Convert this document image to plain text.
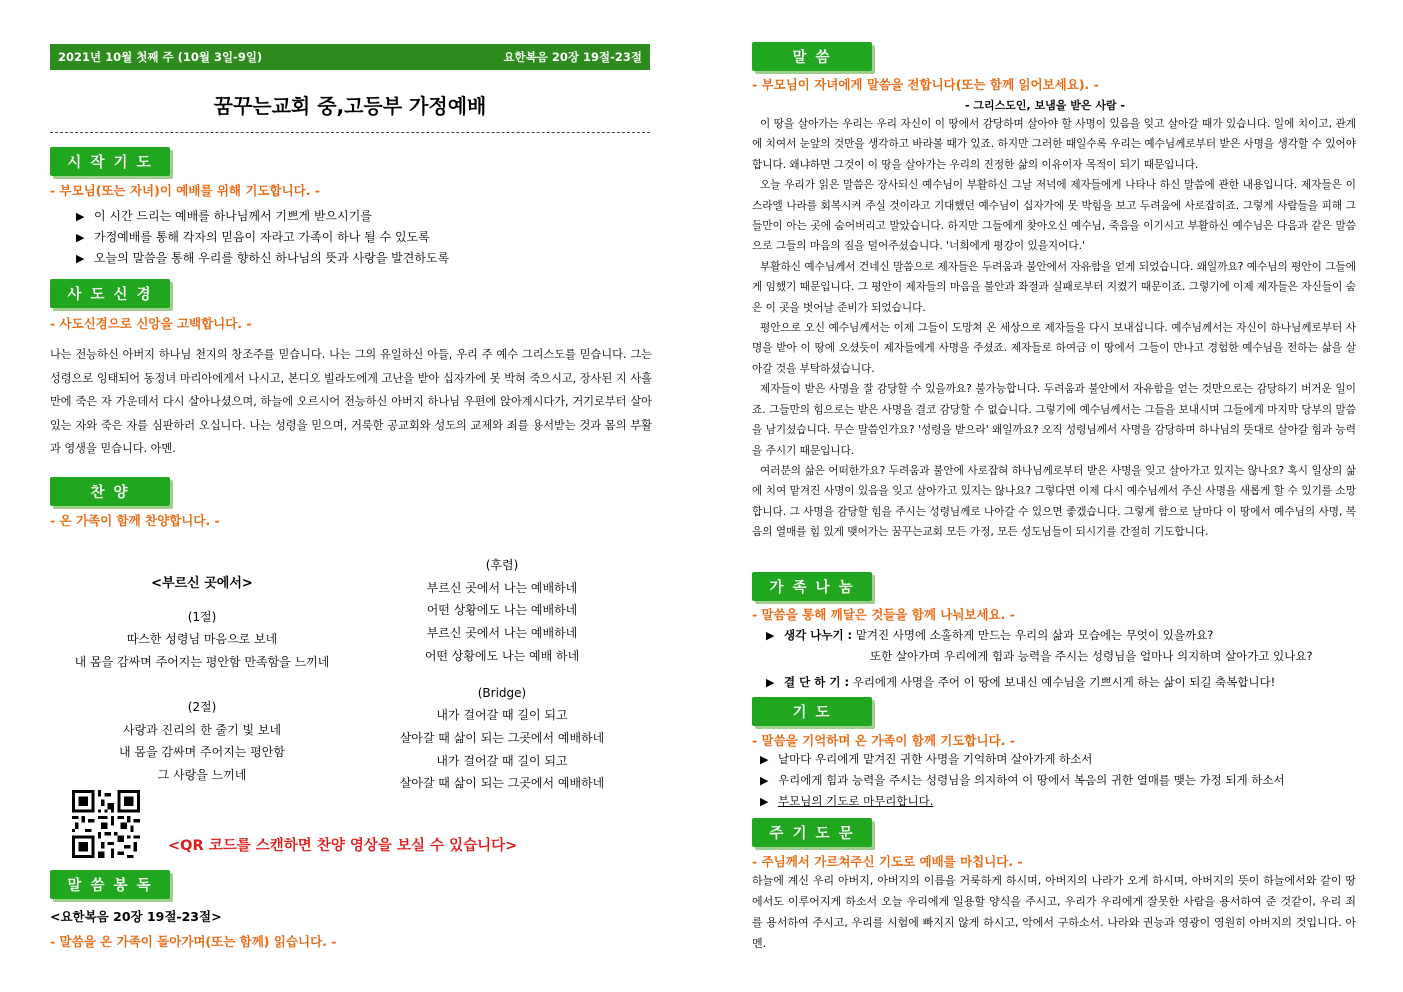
2021년 10월 첫째 주 (10월 3일-9일)	요한복음 20장 19절-23절
꿈꾸는교회 중,고등부 가정예배
시 작 기 도
- 부모님(또는 자녀)이 예배를 위해 기도합니다. -
▶ 이 시간 드리는 예배를 하나님께서 기쁘게 받으시기를
▶ 가정예배를 통해 각자의 믿음이 자라고 가족이 하나 될 수 있도록
▶ 오늘의 말씀을 통해 우리를 향하신 하나님의 뜻과 사랑을 발견하도록
사 도 신 경
- 사도신경으로 신앙을 고백합니다. -
나는 전능하신 아버지 하나님 천지의 창조주를 믿습니다. 나는 그의 유일하신 아들, 우리 주 예수 그리스도를 믿습니다. 그는 성령으로 잉태되어 동정녀 마리아에게서 나시고, 본디오 빌라도에게 고난을 받아 십자가에 못 박혀 죽으시고, 장사된 지 사흘 만에 죽은 자 가운데서 다시 살아나셨으며, 하늘에 오르시어 전능하신 아버지 하나님 우편에 앉아계시다가, 거기로부터 살아 있는 자와 죽은 자를 심판하러 오십니다. 나는 성령을 믿으며, 거룩한 공교회와 성도의 교제와 죄를 용서받는 것과 몸의 부활과 영생을 믿습니다. 아멘.
찬 양
- 온 가족이 함께 찬양합니다. -
<부르신 곳에서>
(1절)
따스한 성령님 마음으로 보네
내 몸을 감싸며 주어지는 평안함 만족함을 느끼네
(2절)
사랑과 진리의 한 줄기 빛 보네
내 몸을 감싸며 주어지는 평안함
그 사랑을 느끼네
(후렴)
부르신 곳에서 나는 예배하네
어떤 상황에도 나는 예배하네
부르신 곳에서 나는 예배하네
어떤 상황에도 나는 예배 하네
(Bridge)
내가 걸어갈 때 길이 되고
살아갈 때 삶이 되는 그곳에서 예배하네
내가 걸어갈 때 길이 되고
살아갈 때 삶이 되는 그곳에서 예배하네
<QR 코드를 스캔하면 찬양 영상을 보실 수 있습니다>
말 씀 봉 독
<요한복음 20장 19절-23절>
- 말씀을 온 가족이 돌아가며(또는 함께) 읽습니다. -
말 씀
- 부모님이 자녀에게 말씀을 전합니다(또는 함께 읽어보세요). -
- 그리스도인, 보냄을 받은 사람 -
이 땅을 살아가는 우리는 우리 자신이 이 땅에서 감당하며 살아야 할 사명이 있음을 잊고 살아갈 때가 있습니다. 일에 치이고, 관계에 치여서 눈앞의 것만을 생각하고 바라볼 때가 있죠. 하지만 그러한 때일수록 우리는 예수님께로부터 받은 사명을 생각할 수 있어야 합니다. 왜냐하면 그것이 이 땅을 살아가는 우리의 진정한 삶의 이유이자 목적이 되기 때문입니다.
오늘 우리가 읽은 말씀은 장사되신 예수님이 부활하신 그날 저녁에 제자들에게 나타나 하신 말씀에 관한 내용입니다. 제자들은 이스라엘 나라를 회복시켜 주실 것이라고 기대했던 예수님이 십자가에 못 박힘을 보고 두려움에 사로잡히죠. 그렇게 사람들을 피해 그들만이 아는 곳에 숨어버리고 말았습니다. 하지만 그들에게 찾아오신 예수님, 죽음을 이기시고 부활하신 예수님은 다음과 같은 말씀으로 그들의 마음의 짐을 덜어주셨습니다. '너희에게 평강이 있을지어다.'
부활하신 예수님께서 건네신 말씀으로 제자들은 두려움과 불안에서 자유함을 얻게 되었습니다. 왜일까요? 예수님의 평안이 그들에게 임했기 때문입니다. 그 평안이 제자들의 마음을 불안과 좌절과 실패로부터 지켰기 때문이죠. 그렇기에 이제 제자들은 자신들이 숨은 이 곳을 벗어날 준비가 되었습니다.
평안으로 오신 예수님께서는 이제 그들이 도망쳐 온 세상으로 제자들을 다시 보내십니다. 예수님께서는 자신이 하나님께로부터 사명을 받아 이 땅에 오셨듯이 제자들에게 사명을 주셨죠. 제자들로 하여금 이 땅에서 그들이 만나고 경험한 예수님을 전하는 삶을 살아갈 것을 부탁하셨습니다.
제자들이 받은 사명을 잘 감당할 수 있을까요? 불가능합니다. 두려움과 불안에서 자유함을 얻는 것만으로는 감당하기 버거운 일이죠. 그들만의 힘으로는 받은 사명을 결코 감당할 수 없습니다. 그렇기에 예수님께서는 그들을 보내시며 그들에게 마지막 당부의 말씀을 남기셨습니다. 무슨 말씀인가요? '성령을 받으라' 왜일까요? 오직 성령님께서 사명을 감당하며 하나님의 뜻대로 살아갈 힘과 능력을 주시기 때문입니다.
여러분의 삶은 어떠한가요? 두려움과 불안에 사로잡혀 하나님께로부터 받은 사명을 잊고 살아가고 있지는 않나요? 혹시 일상의 삶에 치여 맡겨진 사명이 있음을 잊고 살아가고 있지는 않나요? 그렇다면 이제 다시 예수님께서 주신 사명을 새롭게 할 수 있기를 소망합니다. 그 사명을 감당할 힘을 주시는 성령님께로 나아갈 수 있으면 좋겠습니다. 그렇게 함으로 날마다 이 땅에서 예수님의 사명, 복음의 열매를 힘 있게 맺어가는 꿈꾸는교회 모든 가정, 모든 성도님들이 되시기를 간절히 기도합니다.
가 족 나 눔
- 말씀을 통해 깨달은 것들을 함께 나눠보세요. -
▶ 생각 나누기 : 맡겨진 사명에 소홀하게 만드는 우리의 삶과 모습에는 무엇이 있을까요?
또한 살아가며 우리에게 힘과 능력을 주시는 성령님을 얼마나 의지하며 살아가고 있나요?
▶ 결 단 하 기 : 우리에게 사명을 주어 이 땅에 보내신 예수님을 기쁘시게 하는 삶이 되길 축복합니다!
기 도
- 말씀을 기억하며 온 가족이 함께 기도합니다. -
▶ 날마다 우리에게 맡겨진 귀한 사명을 기억하며 살아가게 하소서
▶ 우리에게 힘과 능력을 주시는 성령님을 의지하여 이 땅에서 복음의 귀한 열매를 맺는 가정 되게 하소서
▶ 부모님의 기도로 마무리합니다.
주 기 도 문
- 주님께서 가르쳐주신 기도로 예배를 마칩니다. -
하늘에 계신 우리 아버지, 아버지의 이름을 거룩하게 하시며, 아버지의 나라가 오게 하시며, 아버지의 뜻이 하늘에서와 같이 땅에서도 이루어지게 하소서 오늘 우리에게 일용할 양식을 주시고, 우리가 우리에게 잘못한 사람을 용서하여 준 것같이, 우리 죄를 용서하여 주시고, 우리를 시험에 빠지지 않게 하시고, 악에서 구하소서. 나라와 권능과 영광이 영원히 아버지의 것입니다. 아멘.
